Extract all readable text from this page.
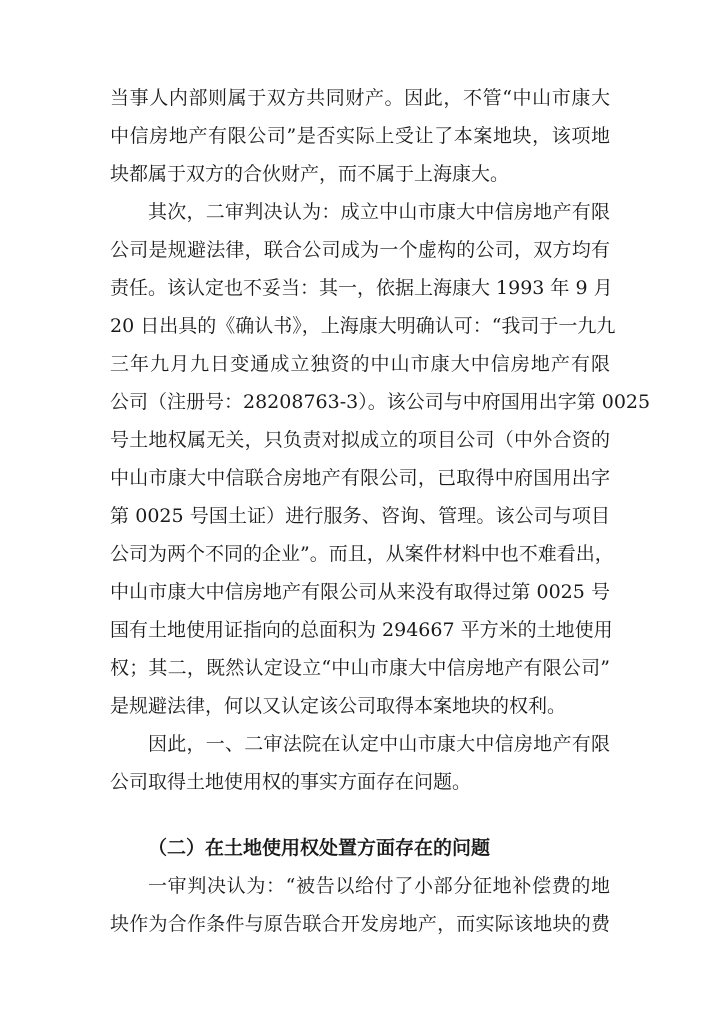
当事人内部则属于双方共同财产。因此，不管“中山市康大
中信房地产有限公司”是否实际上受让了本案地块，该项地
块都属于双方的合伙财产，而不属于上海康大。
其次，二审判决认为：成立中山市康大中信房地产有限
公司是规避法律，联合公司成为一个虚构的公司，双方均有
责任。该认定也不妥当：其一，依据上海康大 1993 年 9 月
20 日出具的《确认书》，上海康大明确认可：“我司于一九九
三年九月九日变通成立独资的中山市康大中信房地产有限
公司（注册号：28208763-3）。该公司与中府国用出字第 0025
号土地权属无关，只负责对拟成立的项目公司（中外合资的
中山市康大中信联合房地产有限公司，已取得中府国用出字
第 0025 号国土证）进行服务、咨询、管理。该公司与项目
公司为两个不同的企业”。而且，从案件材料中也不难看出，
中山市康大中信房地产有限公司从来没有取得过第 0025 号
国有土地使用证指向的总面积为 294667 平方米的土地使用
权；其二，既然认定设立“中山市康大中信房地产有限公司”
是规避法律，何以又认定该公司取得本案地块的权利。
因此，一、二审法院在认定中山市康大中信房地产有限
公司取得土地使用权的事实方面存在问题。
（二）在土地使用权处置方面存在的问题
一审判决认为：“被告以给付了小部分征地补偿费的地
块作为合作条件与原告联合开发房地产，而实际该地块的费
